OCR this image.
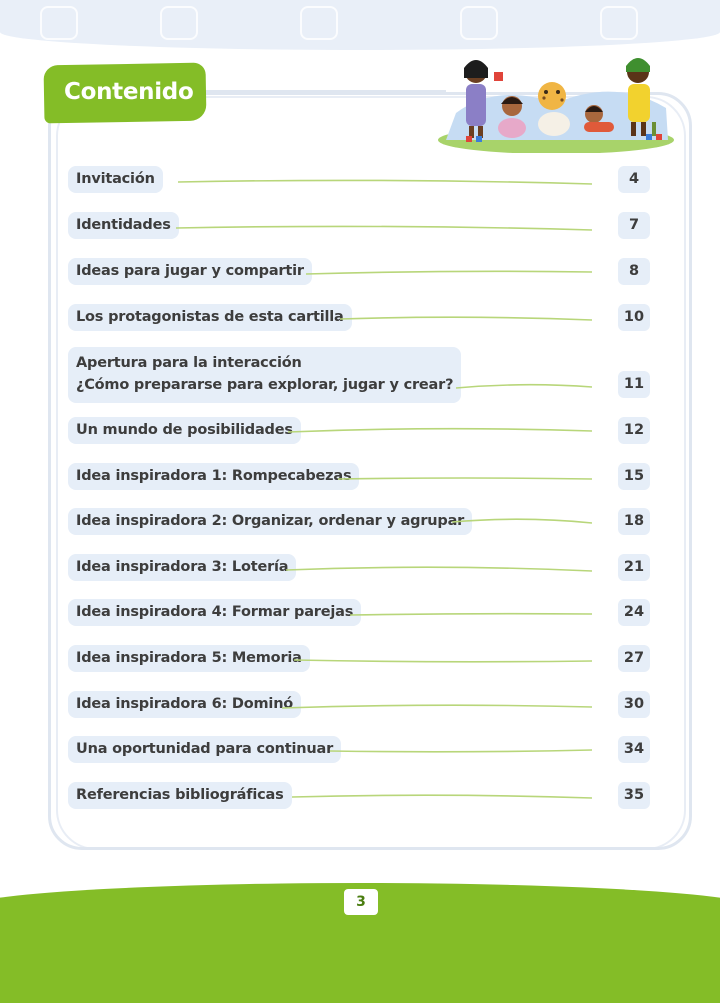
Contenido
Invitación	4
Identidades	7
Ideas para jugar y compartir	8
Los protagonistas de esta cartilla	10
Apertura para la interacción
¿Cómo prepararse para explorar, jugar y crear?	11
Un mundo de posibilidades	12
Idea inspiradora 1: Rompecabezas	15
Idea inspiradora 2: Organizar, ordenar y agrupar	18
Idea inspiradora 3: Lotería	21
Idea inspiradora 4: Formar parejas	24
Idea inspiradora 5: Memoria	27
Idea inspiradora 6: Dominó	30
Una oportunidad para continuar	34
Referencias bibliográficas	35
3
